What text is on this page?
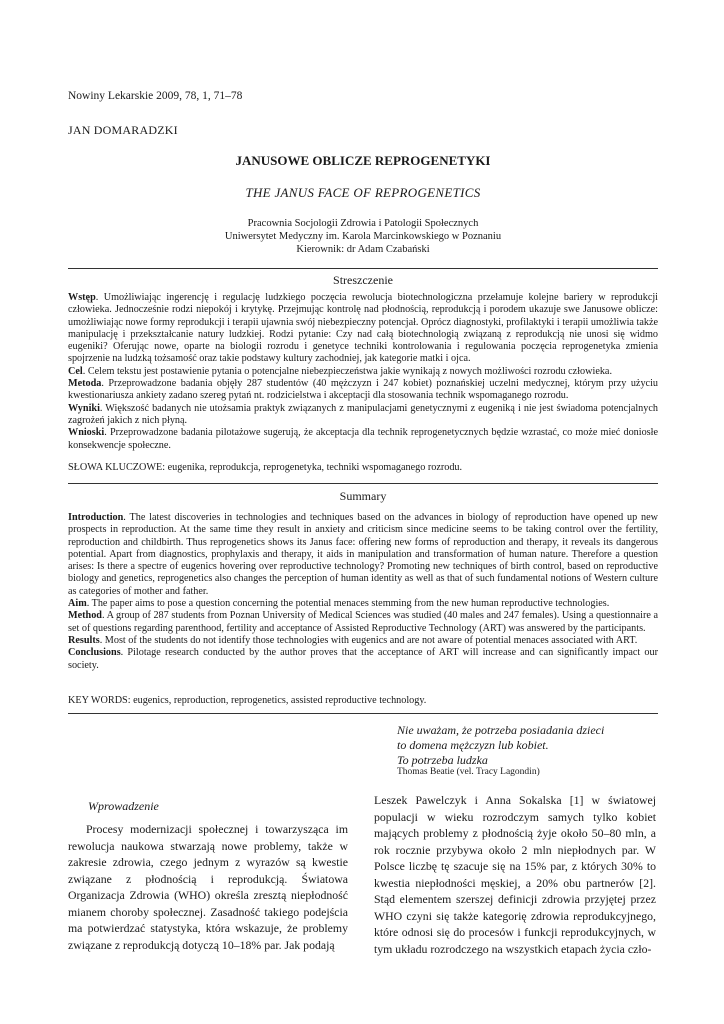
Nowiny Lekarskie 2009, 78, 1, 71–78
JAN DOMARADZKI
JANUSOWE OBLICZE REPROGENETYKI
THE JANUS FACE OF REPROGENETICS
Pracownia Socjologii Zdrowia i Patologii Społecznych
Uniwersytet Medyczny im. Karola Marcinkowskiego w Poznaniu
Kierownik: dr Adam Czabański
Streszczenie

Wstęp. Umożliwiając ingerencję i regulację ludzkiego poczęcia rewolucja biotechnologiczna przełamuje kolejne bariery w reprodukcji człowieka. Jednocześnie rodzi niepokój i krytykę. Przejmując kontrolę nad płodnością, reprodukcją i porodem ukazuje swe Janusowe oblicze: umożliwiając nowe formy reprodukcji i terapii ujawnia swój niebezpieczny potencjał. Oprócz diagnostyki, profilaktyki i terapii umożliwia także manipulację i przekształcanie natury ludzkiej. Rodzi pytanie: Czy nad całą biotechnologią związaną z reprodukcją nie unosi się widmo eugeniki? Oferując nowe, oparte na biologii rozrodu i genetyce techniki kontrolowania i regulowania poczęcia reprogenetyka zmienia spojrzenie na ludzką tożsamość oraz takie podstawy kultury zachodniej, jak kategorie matki i ojca.

Cel. Celem tekstu jest postawienie pytania o potencjalne niebezpieczeństwa jakie wynikają z nowych możliwości rozrodu człowieka.

Metoda. Przeprowadzone badania objęły 287 studentów (40 mężczyzn i 247 kobiet) poznańskiej uczelni medycznej, którym przy użyciu kwestionariusza ankiety zadano szereg pytań nt. rodzicielstwa i akceptacji dla stosowania technik wspomaganego rozrodu.

Wyniki. Większość badanych nie utożsamia praktyk związanych z manipulacjami genetycznymi z eugeniką i nie jest świadoma potencjalnych zagrożeń jakich z nich płyną.

Wnioski. Przeprowadzone badania pilotażowe sugerują, że akceptacja dla technik reprogenetycznych będzie wzrastać, co może mieć doniosłe konsekwencje społeczne.

SŁOWA KLUCZOWE: eugenika, reprodukcja, reprogenetyka, techniki wspomaganego rozrodu.
Summary

Introduction. The latest discoveries in technologies and techniques based on the advances in biology of reproduction have opened up new prospects in reproduction. At the same time they result in anxiety and criticism since medicine seems to be taking control over the fertility, reproduction and childbirth. Thus reprogenetics shows its Janus face: offering new forms of reproduction and therapy, it reveals its dangerous potential. Apart from diagnostics, prophylaxis and therapy, it aids in manipulation and transformation of human nature. Therefore a question arises: Is there a spectre of eugenics hovering over reproductive technology? Promoting new techniques of birth control, based on reproductive biology and genetics, reprogenetics also changes the perception of human identity as well as that of such fundamental notions of Western culture as categories of mother and father.

Aim. The paper aims to pose a question concerning the potential menaces stemming from the new human reproductive technologies.

Method. A group of 287 students from Poznan University of Medical Sciences was studied (40 males and 247 females). Using a questionnaire a set of questions regarding parenthood, fertility and acceptance of Assisted Reproductive Technology (ART) was answered by the participants.

Results. Most of the students do not identify those technologies with eugenics and are not aware of potential menaces associated with ART.

Conclusions. Pilotage research conducted by the author proves that the acceptance of ART will increase and can significantly impact our society.

KEY WORDS: eugenics, reproduction, reprogenetics, assisted reproductive technology.
Nie uważam, że potrzeba posiadania dzieci
to domena mężczyzn lub kobiet.
To potrzeba ludzka
Thomas Beatie (vel. Tracy Lagondin)
Wprowadzenie

Procesy modernizacji społecznej i towarzysząca im rewolucja naukowa stwarzają nowe problemy, także w zakresie zdrowia, czego jednym z wyrazów są kwestie związane z płodnością i reprodukcją. Światowa Organizacja Zdrowia (WHO) określa zresztą niepłodność mianem choroby społecznej. Zasadność takiego podejścia ma potwierdzać statystyka, która wskazuje, że problemy związane z reprodukcją dotyczą 10–18% par. Jak podają

Leszek Pawelczyk i Anna Sokalska [1] w światowej populacji w wieku rozrodczym samych tylko kobiet mających problemy z płodnością żyje około 50–80 mln, a rok rocznie przybywa około 2 mln niepłodnych par. W Polsce liczbę tę szacuje się na 15% par, z których 30% to kwestia niepłodności męskiej, a 20% obu partnerów [2]. Stąd elementem szerszej definicji zdrowia przyjętej przez WHO czyni się także kategorię zdrowia reprodukcyjnego, które odnosi się do procesów i funkcji reprodukcyjnych, w tym układu rozrodczego na wszystkich etapach życia czło-
